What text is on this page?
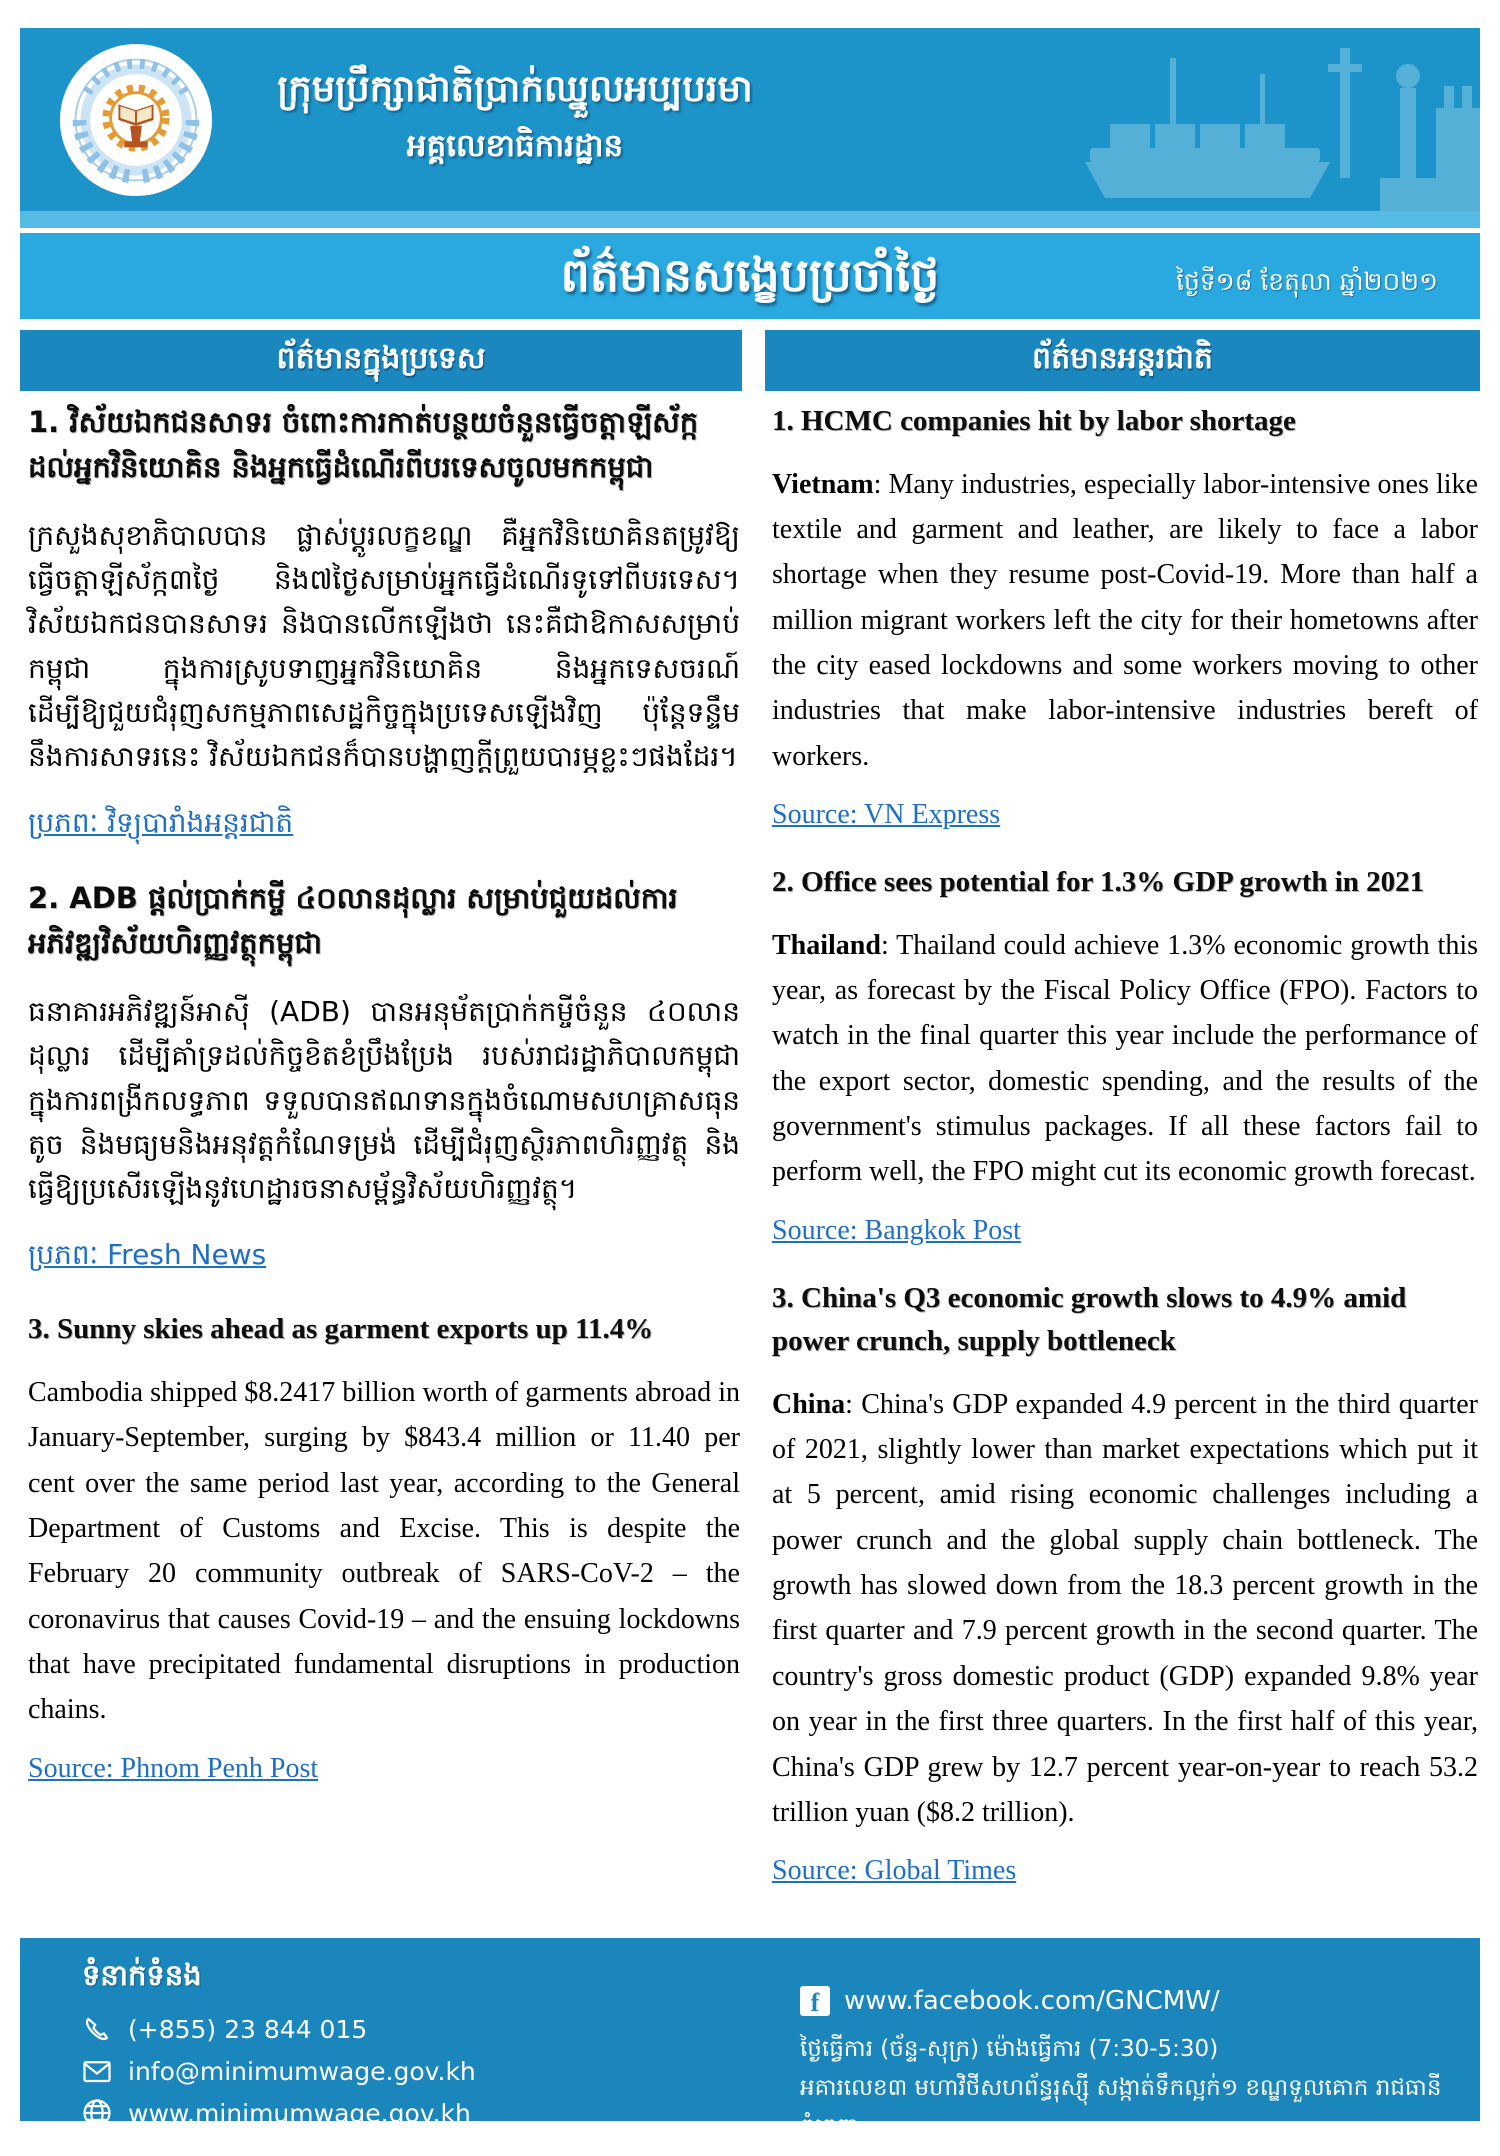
ក្រុមប្រឹក្សាជាតិប្រាក់ឈ្នួលអប្បបរមា
អគ្គលេខាធិការដ្ឋាន
ព័ត៌មានសង្ខេបប្រចាំថ្ងៃ	ថ្ងៃទី១៨ ខែតុលា ឆ្នាំ២០២១
ព័ត៌មានក្នុងប្រទេស	ព័ត៌មានអន្តរជាតិ

1. វិស័យឯកជនសាទរ ចំពោះការកាត់បន្ថយចំនួនធ្វើចត្តាឡីស័ក្កដល់អ្នកវិនិយោគិន និងអ្នកធ្វើដំណើរពីបរទេសចូលមកកម្ពុជា

ក្រសួងសុខាភិបាលបាន ផ្លាស់ប្តូរលក្ខខណ្ឌ គឺអ្នកវិនិយោគិនតម្រូវឱ្យធ្វើចត្តាឡីស័ក្ក៣ថ្ងៃ និង៧ថ្ងៃសម្រាប់អ្នកធ្វើដំណើរទូទៅពីបរទេស។ វិស័យឯកជនបានសាទរ និងបានលើកឡើងថា នេះគឺជាឱកាសសម្រាប់កម្ពុជា ក្នុងការស្រូបទាញអ្នកវិនិយោគិន និងអ្នកទេសចរណ៍ ដើម្បីឱ្យជួយជំរុញសកម្មភាពសេដ្ឋកិច្ចក្នុងប្រទេសឡើងវិញ ប៉ុន្តែទន្ទឹមនឹងការសាទរនេះ វិស័យឯកជនក៏បានបង្ហាញក្តីព្រួយបារម្ភខ្លះៗផងដែរ។

ប្រភពៈ វិទ្យុបារាំងអន្តរជាតិ

2. ADB ផ្តល់ប្រាក់កម្ចី ៤០លានដុល្លារ សម្រាប់ជួយដល់ការអភិវឌ្ឍវិស័យហិរញ្ញវត្ថុកម្ពុជា

ធនាគារអភិវឌ្ឍន៍អាស៊ី (ADB) បានអនុម័តប្រាក់កម្ចីចំនួន ៤០លានដុល្លារ ដើម្បីគាំទ្រដល់កិច្ចខិតខំប្រឹងប្រែង របស់រាជរដ្ឋាភិបាលកម្ពុជា ក្នុងការពង្រីកលទ្ធភាព ទទួលបានឥណទានក្នុងចំណោមសហគ្រាសធុនតូច និងមធ្យមនិងអនុវត្តកំណែទម្រង់ ដើម្បីជំរុញស្ថិរភាពហិរញ្ញវត្ថុ និងធ្វើឱ្យប្រសើរឡើងនូវហេដ្ឋារចនាសម្ព័ន្ធវិស័យហិរញ្ញវត្ថុ។

ប្រភពៈ Fresh News

3. Sunny skies ahead as garment exports up 11.4%

Cambodia shipped $8.2417 billion worth of garments abroad in January-September, surging by $843.4 million or 11.40 per cent over the same period last year, according to the General Department of Customs and Excise. This is despite the February 20 community outbreak of SARS-CoV-2 – the coronavirus that causes Covid-19 – and the ensuing lockdowns that have precipitated fundamental disruptions in production chains.

Source: Phnom Penh Post

1. HCMC companies hit by labor shortage

Vietnam: Many industries, especially labor-intensive ones like textile and garment and leather, are likely to face a labor shortage when they resume post-Covid-19. More than half a million migrant workers left the city for their hometowns after the city eased lockdowns and some workers moving to other industries that make labor-intensive industries bereft of workers.

Source: VN Express

2. Office sees potential for 1.3% GDP growth in 2021

Thailand: Thailand could achieve 1.3% economic growth this year, as forecast by the Fiscal Policy Office (FPO). Factors to watch in the final quarter this year include the performance of the export sector, domestic spending, and the results of the government's stimulus packages. If all these factors fail to perform well, the FPO might cut its economic growth forecast.

Source: Bangkok Post

3. China's Q3 economic growth slows to 4.9% amid power crunch, supply bottleneck

China: China's GDP expanded 4.9 percent in the third quarter of 2021, slightly lower than market expectations which put it at 5 percent, amid rising economic challenges including a power crunch and the global supply chain bottleneck. The growth has slowed down from the 18.3 percent growth in the first quarter and 7.9 percent growth in the second quarter. The country's gross domestic product (GDP) expanded 9.8% year on year in the first three quarters. In the first half of this year, China's GDP grew by 12.7 percent year-on-year to reach 53.2 trillion yuan ($8.2 trillion).

Source: Global Times
ទំនាក់ទំនង
(+855) 23 844 015
info@minimumwage.gov.kh
www.minimumwage.gov.kh
f www.facebook.com/GNCMW/
ថ្ងៃធ្វើការ (ច័ន្ទ-សុក្រ) ម៉ោងធ្វើការ (7:30-5:30)
អគារលេខ៣ មហាវិថីសហព័ន្ធរុស្ស៊ី សង្កាត់ទឹកល្អក់១ ខណ្ឌទួលគោក រាជធានីភ្នំពេញ
